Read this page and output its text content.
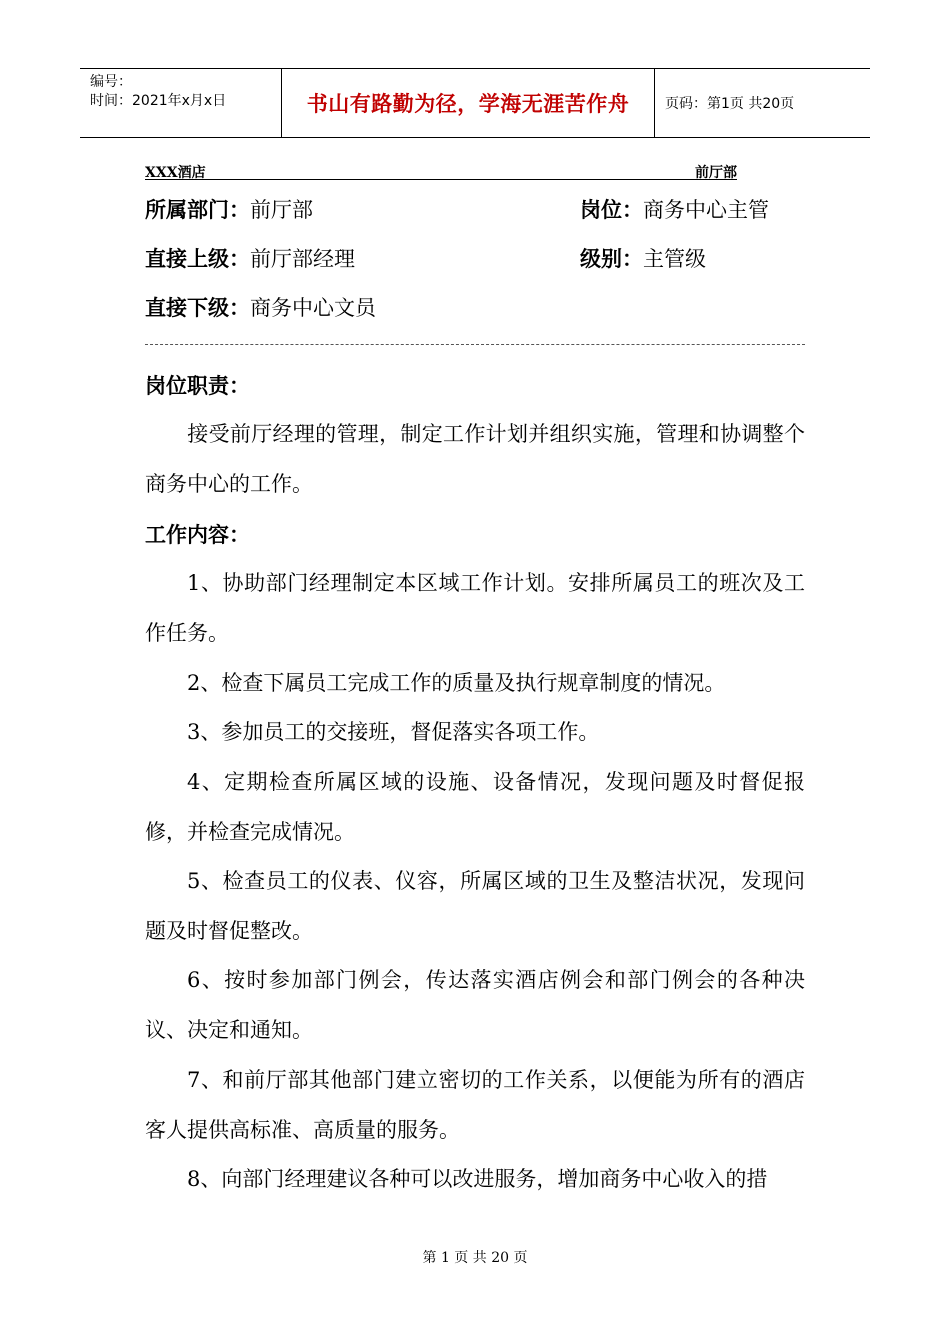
编号：
时间：2021年x月x日	书山有路勤为径，学海无涯苦作舟	页码：第1页 共20页
XXX酒店	前厅部
所属部门：前厅部	岗位：商务中心主管
直接上级：前厅部经理	级别：主管级
直接下级：商务中心文员
岗位职责：
接受前厅经理的管理，制定工作计划并组织实施，管理和协调整个商务中心的工作。
工作内容：
1、协助部门经理制定本区域工作计划。安排所属员工的班次及工作任务。
2、检查下属员工完成工作的质量及执行规章制度的情况。
3、参加员工的交接班，督促落实各项工作。
4、定期检查所属区域的设施、设备情况，发现问题及时督促报修，并检查完成情况。
5、检查员工的仪表、仪容，所属区域的卫生及整洁状况，发现问题及时督促整改。
6、按时参加部门例会，传达落实酒店例会和部门例会的各种决议、决定和通知。
7、和前厅部其他部门建立密切的工作关系，以便能为所有的酒店客人提供高标准、高质量的服务。
8、向部门经理建议各种可以改进服务，增加商务中心收入的措
第 1 页 共 20 页
